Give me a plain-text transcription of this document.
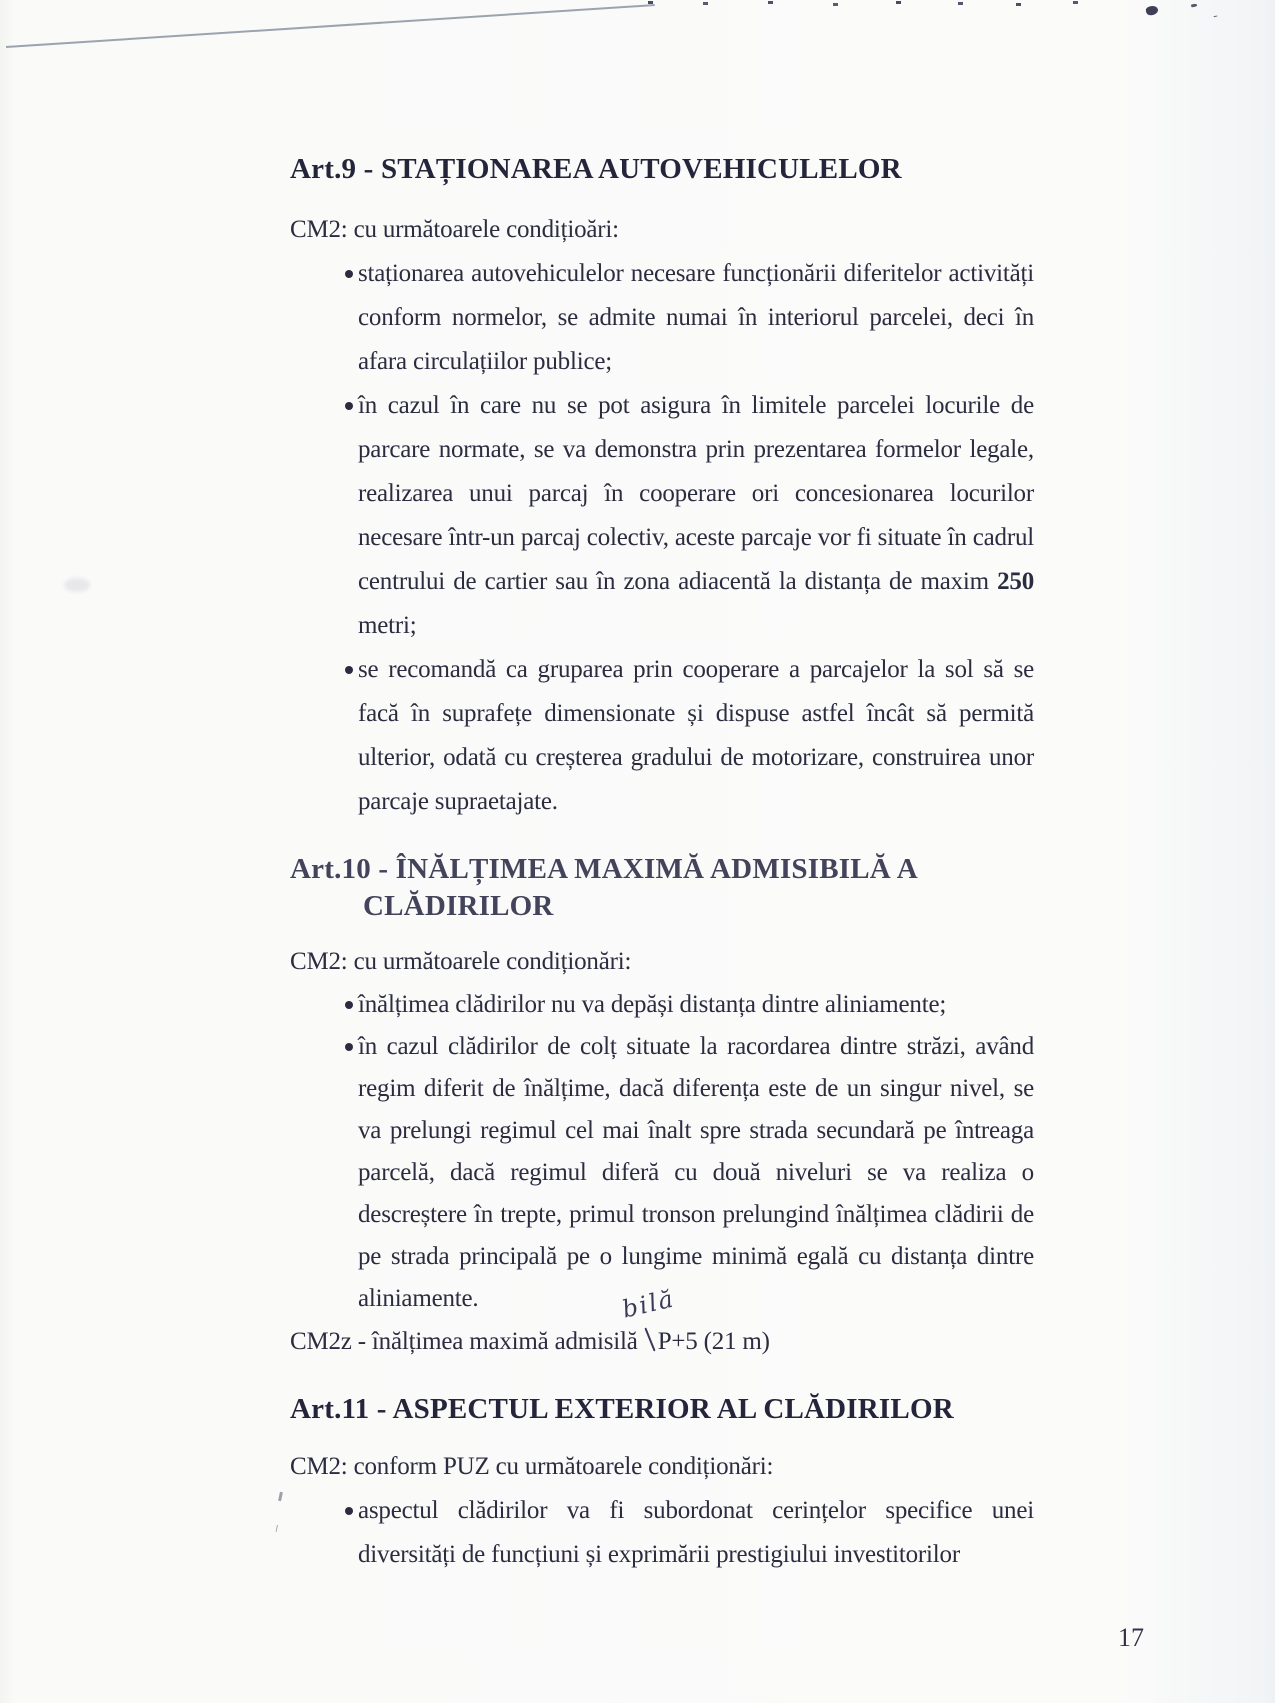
Art.9 - STAȚIONAREA AUTOVEHICULELOR

CM2: cu următoarele condițioări:

staționarea autovehiculelor necesare funcționării diferitelor activități conform normelor, se admite numai în interiorul parcelei, deci în afara circulațiilor publice;
în cazul în care nu se pot asigura în limitele parcelei locurile de parcare normate, se va demonstra prin prezentarea formelor legale, realizarea unui parcaj în cooperare ori concesionarea locurilor necesare într-un parcaj colectiv, aceste parcaje vor fi situate în cadrul centrului de cartier sau în zona adiacentă la distanța de maxim 250 metri;
se recomandă ca gruparea prin cooperare a parcajelor la sol să se facă în suprafețe dimensionate și dispuse astfel încât să permită ulterior, odată cu creșterea gradului de motorizare, construirea unor parcaje supraetajate.
Art.10 - ÎNĂLȚIMEA MAXIMĂ ADMISIBILĂ A
CLĂDIRILOR

CM2: cu următoarele condiționări:

înălțimea clădirilor nu va depăși distanța dintre aliniamente;
în cazul clădirilor de colț situate la racordarea dintre străzi, având regim diferit de înălțime, dacă diferența este de un singur nivel, se va prelungi regimul cel mai înalt spre strada secundară pe întreaga parcelă, dacă regimul diferă cu două niveluri se va realiza o descreștere în trepte, primul tronson prelungind înălțimea clădirii de pe strada principală pe o lungime minimă egală cu distanța dintre aliniamente.

CM2z - înălțimea maximă admisilă P+5 (21 m)

Art.11 - ASPECTUL EXTERIOR AL CLĂDIRILOR

CM2: conform PUZ cu următoarele condiționări:

aspectul clădirilor va fi subordonat cerințelor specifice unei diversități de funcțiuni și exprimării prestigiului investitorilor
bilă
17
